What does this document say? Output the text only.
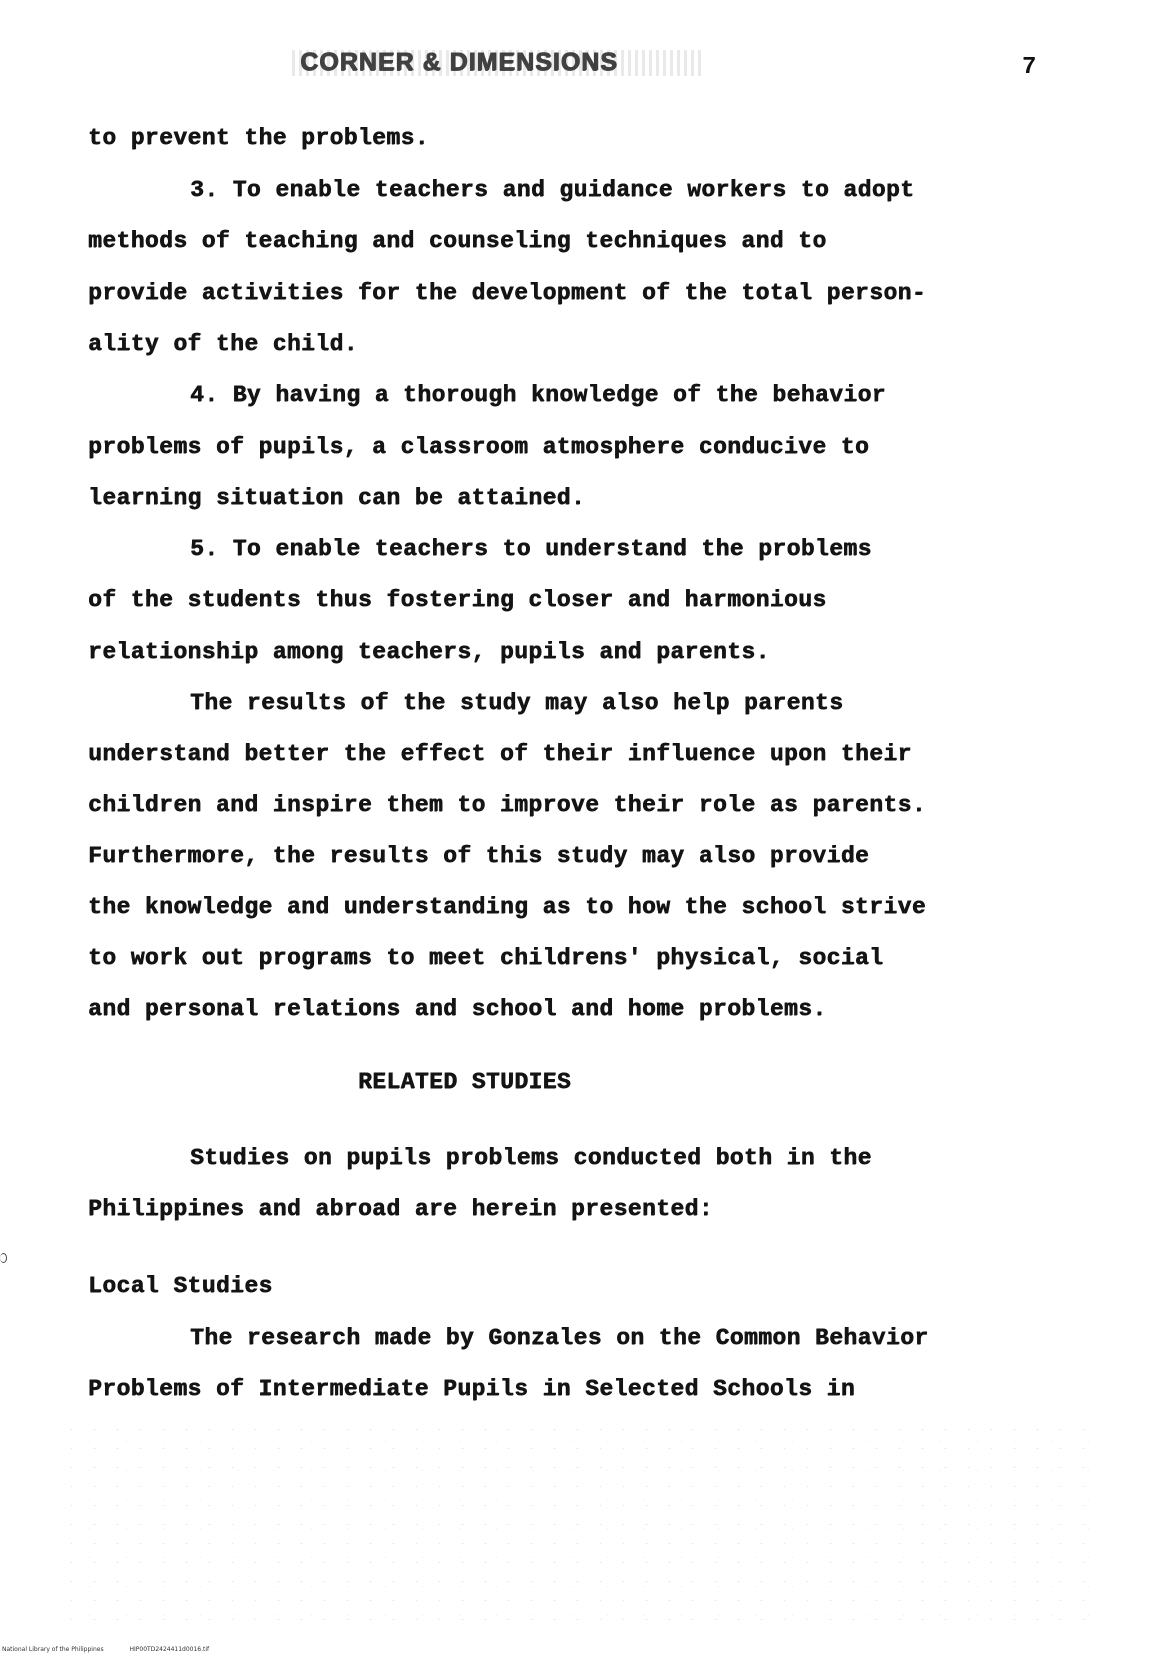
CORNER & DIMENSIONS	7
to prevent the problems.
3. To enable teachers and guidance workers to adopt
methods of teaching and counseling techniques and to
provide activities for the development of the total person-
ality of the child.
4. By having a thorough knowledge of the behavior
problems of pupils, a classroom atmosphere conducive to
learning situation can be attained.
5. To enable teachers to understand the problems
of the students thus fostering closer and harmonious
relationship among teachers, pupils and parents.
The results of the study may also help parents
understand better the effect of their influence upon their
children and inspire them to improve their role as parents.
Furthermore, the results of this study may also provide
the knowledge and understanding as to how the school strive
to work out programs to meet childrens' physical, social
and personal relations and school and home problems.
RELATED STUDIES
Studies on pupils problems conducted both in the
Philippines and abroad are herein presented:
Local Studies
The research made by Gonzales on the Common Behavior
Problems of Intermediate Pupils in Selected Schools in
National Library of the Philippines	HIP00TD2424411d0016.tif
